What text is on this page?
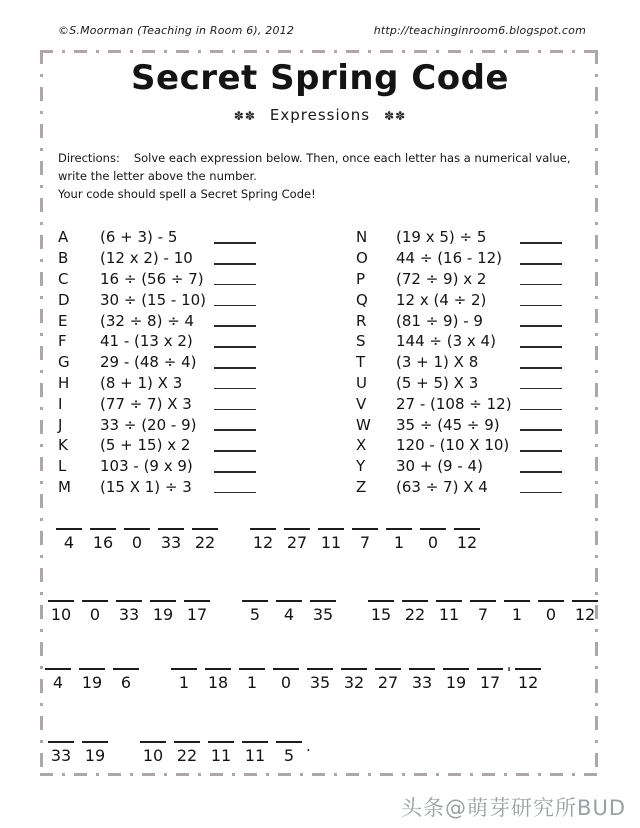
©S.Moorman (Teaching in Room 6), 2012	http://teachinginroom6.blogspot.com
Secret Spring Code
✽✽ Expressions ✽✽

Directions: Solve each expression below. Then, once each letter has a numerical value, write the letter above the number.
Your code should spell a Secret Spring Code!

A	(6 + 3) - 5
B	(12 x 2) - 10
C	16 ÷ (56 ÷ 7)
D	30 ÷ (15 - 10)
E	(32 ÷ 8) ÷ 4
F	41 - (13 x 2)
G	29 - (48 ÷ 4)
H	(8 + 1) X 3
I	(77 ÷ 7) X 3
J	33 ÷ (20 - 9)
K	(5 + 15) x 2
L	103 - (9 x 9)
M	(15 X 1) ÷ 3
N	(19 x 5) ÷ 5
O	44 ÷ (16 - 12)
P	(72 ÷ 9) x 2
Q	12 x (4 ÷ 2)
R	(81 ÷ 9) - 9
S	144 ÷ (3 x 4)
T	(3 + 1) X 8
U	(5 + 5) X 3
V	27 - (108 ÷ 12)
W	35 ÷ (45 ÷ 9)
X	120 - (10 X 10)
Y	30 + (9 - 4)
Z	(63 ÷ 7) X 4
4 16 0 33 22 12 27 11 7 1 0 12
10 0 33 19 17	5 4 35 15 22 11 7 1 0 12
4 19 6	1 18 1 0 35 32 27 33 19 17 ' 12
33 19 10 22 11 11 5 .
头条@萌芽研究所BUD
